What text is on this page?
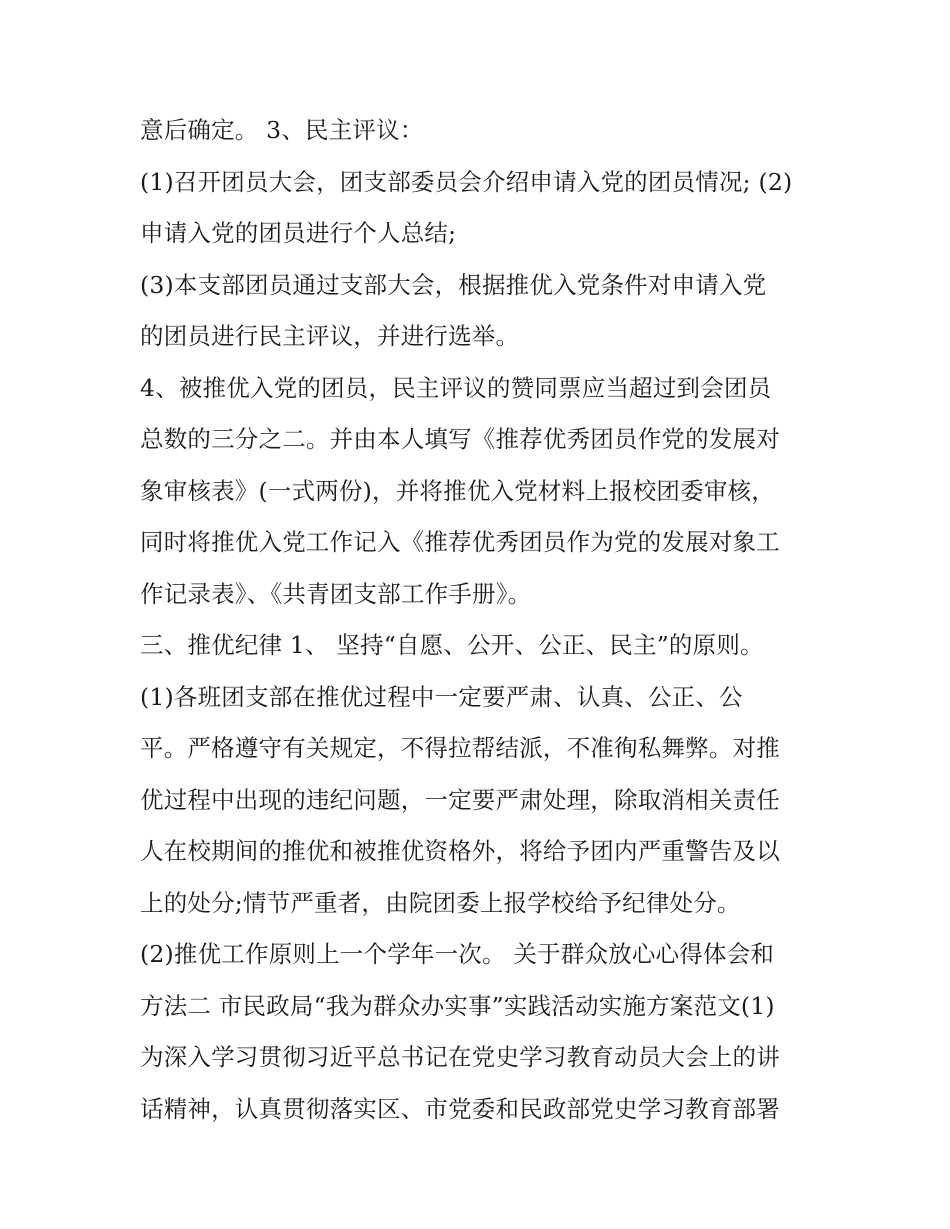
意后确定。 3、民主评议：
(1)召开团员大会，团支部委员会介绍申请入党的团员情况; (2)
申请入党的团员进行个人总结;
(3)本支部团员通过支部大会，根据推优入党条件对申请入党
的团员进行民主评议，并进行选举。
4、被推优入党的团员，民主评议的赞同票应当超过到会团员
总数的三分之二。并由本人填写《推荐优秀团员作党的发展对
象审核表》(一式两份)，并将推优入党材料上报校团委审核，
同时将推优入党工作记入《推荐优秀团员作为党的发展对象工
作记录表》、《共青团支部工作手册》。
三、推优纪律 1、 坚持“自愿、公开、公正、民主”的原则。
(1)各班团支部在推优过程中一定要严肃、认真、公正、公
平。严格遵守有关规定，不得拉帮结派，不准徇私舞弊。对推
优过程中出现的违纪问题，一定要严肃处理，除取消相关责任
人在校期间的推优和被推优资格外，将给予团内严重警告及以
上的处分;情节严重者，由院团委上报学校给予纪律处分。
(2)推优工作原则上一个学年一次。 关于群众放心心得体会和
方法二 市民政局“我为群众办实事”实践活动实施方案范文(1)
为深入学习贯彻习近平总书记在党史学习教育动员大会上的讲
话精神，认真贯彻落实区、市党委和民政部党史学习教育部署
